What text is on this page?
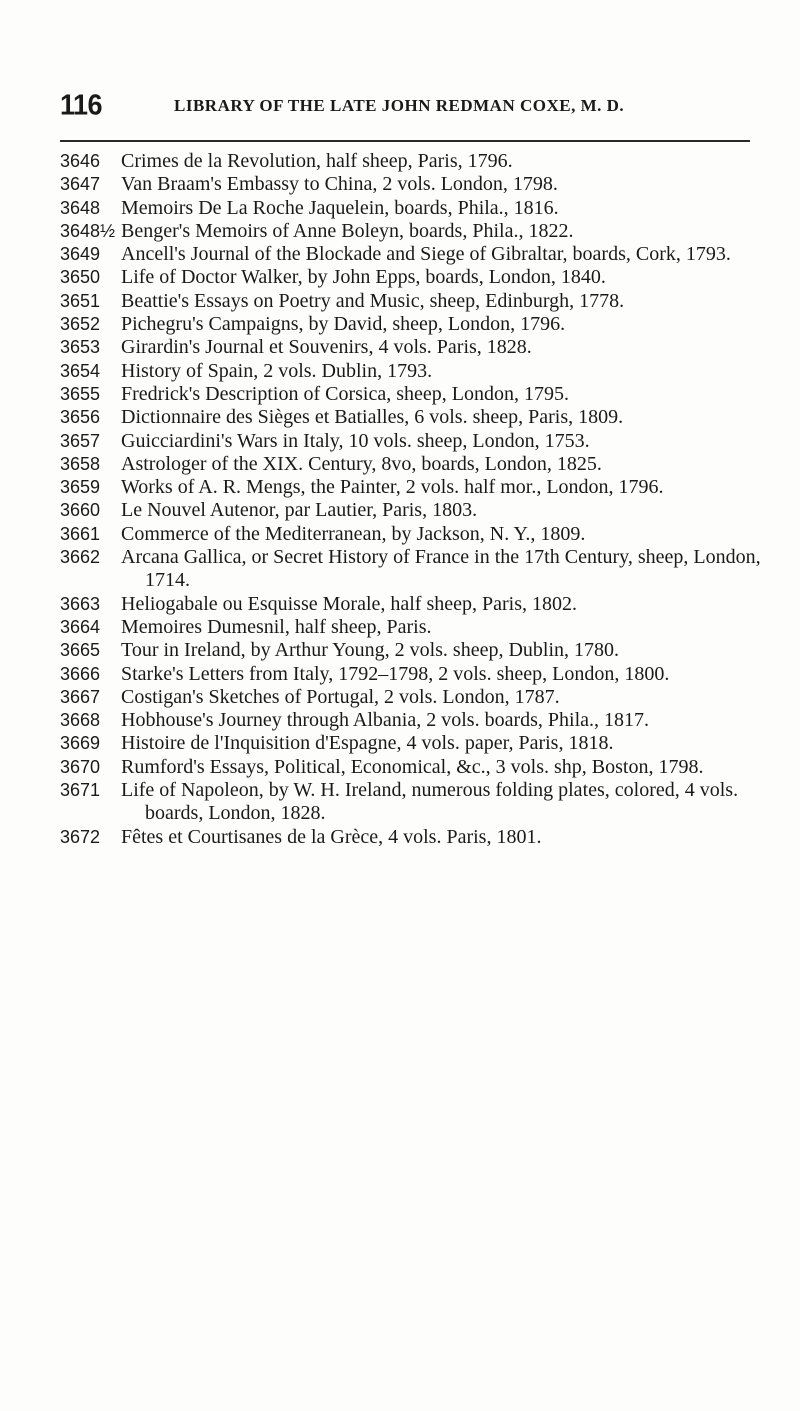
116	LIBRARY OF THE LATE JOHN REDMAN COXE, M. D.

3646	Crimes de la Revolution, half sheep, Paris, 1796.

3647	Van Braam's Embassy to China, 2 vols. London, 1798.

3648	Memoirs De La Roche Jaquelein, boards, Phila., 1816.

3648½ Benger's Memoirs of Anne Boleyn, boards, Phila., 1822.

3649	Ancell's Journal of the Blockade and Siege of Gibraltar, boards, Cork, 1793.

3650	Life of Doctor Walker, by John Epps, boards, London, 1840.

3651	Beattie's Essays on Poetry and Music, sheep, Edinburgh, 1778.

3652	Pichegru's Campaigns, by David, sheep, London, 1796.

3653	Girardin's Journal et Souvenirs, 4 vols. Paris, 1828.

3654	History of Spain, 2 vols. Dublin, 1793.

3655	Fredrick's Description of Corsica, sheep, London, 1795.

3656	Dictionnaire des Sièges et Batialles, 6 vols. sheep, Paris, 1809.

3657	Guicciardini's Wars in Italy, 10 vols. sheep, London, 1753.

3658	Astrologer of the XIX. Century, 8vo, boards, London, 1825.

3659	Works of A. R. Mengs, the Painter, 2 vols. half mor., London, 1796.

3660	Le Nouvel Autenor, par Lautier, Paris, 1803.

3661	Commerce of the Mediterranean, by Jackson, N. Y., 1809.

3662	Arcana Gallica, or Secret History of France in the 17th Century, sheep, London, 1714.

3663	Heliogabale ou Esquisse Morale, half sheep, Paris, 1802.

3664	Memoires Dumesnil, half sheep, Paris.

3665	Tour in Ireland, by Arthur Young, 2 vols. sheep, Dublin, 1780.

3666	Starke's Letters from Italy, 1792–1798, 2 vols. sheep, London, 1800.

3667	Costigan's Sketches of Portugal, 2 vols. London, 1787.

3668	Hobhouse's Journey through Albania, 2 vols. boards, Phila., 1817.

3669	Histoire de l'Inquisition d'Espagne, 4 vols. paper, Paris, 1818.

3670	Rumford's Essays, Political, Economical, &c., 3 vols. shp, Boston, 1798.

3671	Life of Napoleon, by W. H. Ireland, numerous folding plates, colored, 4 vols. boards, London, 1828.

3672	Fêtes et Courtisanes de la Grèce, 4 vols. Paris, 1801.
